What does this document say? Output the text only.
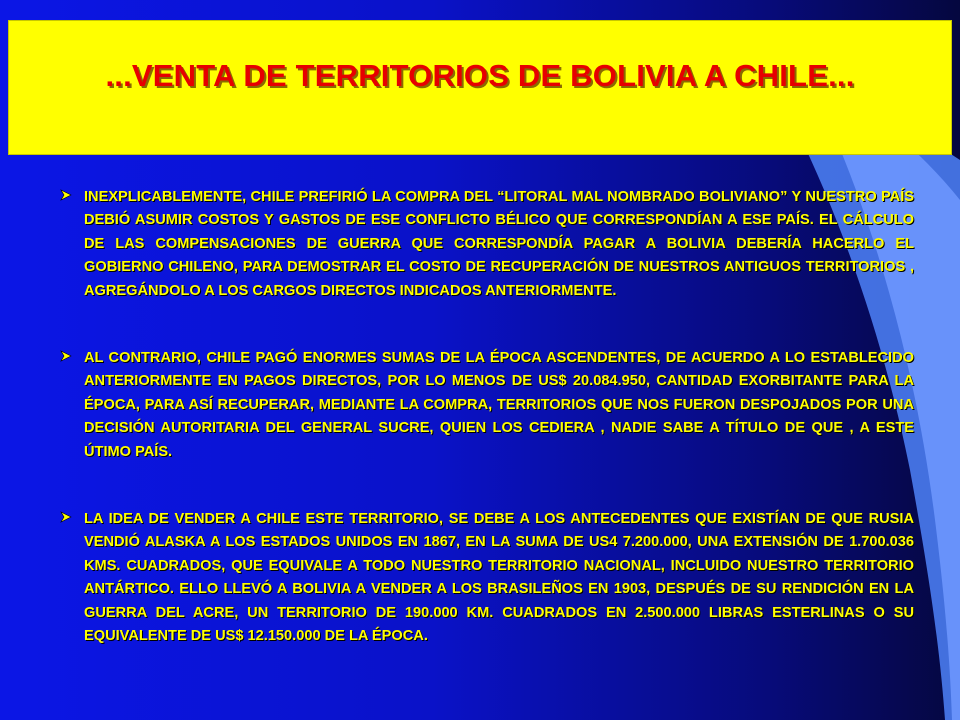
...VENTA DE TERRITORIOS DE BOLIVIA A CHILE...

INEXPLICABLEMENTE, CHILE PREFIRIÓ LA COMPRA DEL “LITORAL MAL NOMBRADO BOLIVIANO” Y NUESTRO PAÍS DEBIÓ ASUMIR COSTOS Y GASTOS DE ESE CONFLICTO BÉLICO QUE CORRESPONDÍAN A ESE PAÍS. EL CÁLCULO DE LAS COMPENSACIONES DE GUERRA QUE CORRESPONDÍA PAGAR A BOLIVIA DEBERÍA HACERLO EL GOBIERNO CHILENO, PARA DEMOSTRAR EL COSTO DE RECUPERACIÓN DE NUESTROS ANTIGUOS TERRITORIOS , AGREGÁNDOLO A LOS CARGOS DIRECTOS INDICADOS ANTERIORMENTE.

AL CONTRARIO, CHILE PAGÓ ENORMES SUMAS DE LA ÉPOCA ASCENDENTES, DE ACUERDO A LO ESTABLECIDO ANTERIORMENTE EN PAGOS DIRECTOS, POR LO MENOS DE US$ 20.084.950, CANTIDAD EXORBITANTE PARA LA ÉPOCA, PARA ASÍ RECUPERAR, MEDIANTE LA COMPRA, TERRITORIOS QUE NOS FUERON DESPOJADOS POR UNA DECISIÓN AUTORITARIA DEL GENERAL SUCRE, QUIEN LOS CEDIERA , NADIE SABE A TÍTULO DE QUE , A ESTE ÚTIMO PAÍS.

LA IDEA DE VENDER A CHILE ESTE TERRITORIO, SE DEBE A LOS ANTECEDENTES QUE EXISTÍAN DE QUE RUSIA VENDIÓ ALASKA A LOS ESTADOS UNIDOS EN 1867, EN LA SUMA DE US4 7.200.000, UNA EXTENSIÓN DE 1.700.036 KMS. CUADRADOS, QUE EQUIVALE A TODO NUESTRO TERRITORIO NACIONAL, INCLUIDO NUESTRO TERRITORIO ANTÁRTICO. ELLO LLEVÓ A BOLIVIA A VENDER A LOS BRASILEÑOS EN 1903, DESPUÉS DE SU RENDICIÓN EN LA GUERRA DEL ACRE, UN TERRITORIO DE 190.000 KM. CUADRADOS EN 2.500.000 LIBRAS ESTERLINAS O SU EQUIVALENTE DE US$ 12.150.000 DE LA ÉPOCA.
